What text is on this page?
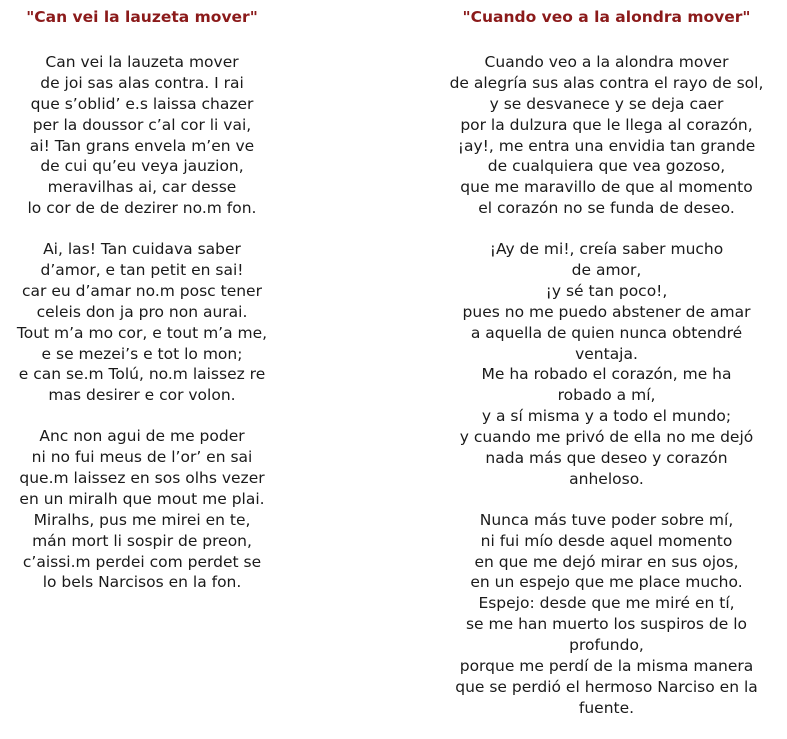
"Can vei la lauzeta mover"
Can vei la lauzeta mover
de joi sas alas contra. I rai
que s’oblid’ e.s laissa chazer
per la doussor c’al cor li vai,
ai! Tan grans envela m’en ve
de cui qu’eu veya jauzion,
meravilhas ai, car desse
lo cor de de dezirer no.m fon.
Ai, las! Tan cuidava saber
d’amor, e tan petit en sai!
car eu d’amar no.m posc tener
celeis don ja pro non aurai.
Tout m’a mo cor, e tout m’a me,
e se mezei’s e tot lo mon;
e can se.m Tolú, no.m laissez re
mas desirer e cor volon.
Anc non agui de me poder
ni no fui meus de l’or’ en sai
que.m laissez en sos olhs vezer
en un miralh que mout me plai.
Miralhs, pus me mirei en te,
mán mort li sospir de preon,
c’aissi.m perdei com perdet se
lo bels Narcisos en la fon.
"Cuando veo a la alondra mover"
Cuando veo a la alondra mover
de alegría sus alas contra el rayo de sol,
y se desvanece y se deja caer
por la dulzura que le llega al corazón,
¡ay!, me entra una envidia tan grande
de cualquiera que vea gozoso,
que me maravillo de que al momento
el corazón no se funda de deseo.
¡Ay de mi!, creía saber mucho
de amor,
¡y sé tan poco!,
pues no me puedo abstener de amar
a aquella de quien nunca obtendré
ventaja.
Me ha robado el corazón, me ha
robado a mí,
y a sí misma y a todo el mundo;
y cuando me privó de ella no me dejó
nada más que deseo y corazón
anheloso.
Nunca más tuve poder sobre mí,
ni fui mío desde aquel momento
en que me dejó mirar en sus ojos,
en un espejo que me place mucho.
Espejo: desde que me miré en tí,
se me han muerto los suspiros de lo
profundo,
porque me perdí de la misma manera
que se perdió el hermoso Narciso en la
fuente.
